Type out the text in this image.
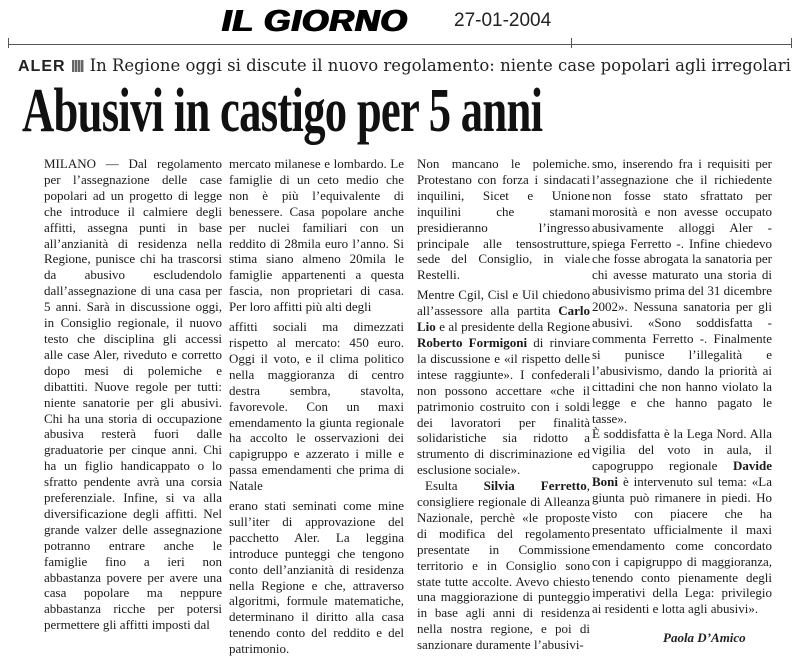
IL GIORNO 27-01-2004
ALER In Regione oggi si discute il nuovo regolamento: niente case popolari agli irregolari
Abusivi in castigo per 5 anni

MILANO — Dal regolamento per l’assegnazione delle case popolari ad un progetto di legge che introduce il calmiere degli affitti, assegna punti in base all’anzianità di residenza nella Regione, punisce chi ha trascorsi da abusivo escludendolo dall’assegnazione di una casa per 5 anni. Sarà in discussione oggi, in Consiglio regionale, il nuovo testo che disciplina gli accessi alle case Aler, riveduto e corretto dopo mesi di polemiche e dibattiti. Nuove regole per tutti: niente sanatorie per gli abusivi. Chi ha una storia di occupazione abusiva resterà fuori dalle graduatorie per cinque anni. Chi ha un figlio handicappato o lo sfratto pendente avrà una corsia preferenziale. Infine, si va alla diversificazione degli affitti. Nel grande valzer delle assegnazione potranno entrare anche le famiglie fino a ieri non abbastanza povere per avere una casa popolare ma neppure abbastanza ricche per potersi permettere gli affitti imposti dal

mercato milanese e lombardo. Le famiglie di un ceto medio che non è più l’equivalente di benessere. Casa popolare anche per nuclei familiari con un reddito di 28mila euro l’anno. Si stima siano almeno 20mila le famiglie appartenenti a questa fascia, non proprietari di casa. Per loro affitti più alti degli

affitti sociali ma dimezzati rispetto al mercato: 450 euro. Oggi il voto, e il clima politico nella maggioranza di centro destra sembra, stavolta, favorevole. Con un maxi emendamento la giunta regionale ha accolto le osservazioni dei capigruppo e azzerato i mille e passa emendamenti che prima di Natale

erano stati seminati come mine sull’iter di approvazione del pacchetto Aler. La leggina introduce punteggi che tengono conto dell’anzianità di residenza nella Regione e che, attraverso algoritmi, formule matematiche, determinano il diritto alla casa tenendo conto del reddito e del patrimonio.

Non mancano le polemiche. Protestano con forza i sindacati inquilini, Sicet e Unione inquilini che stamani presidieranno l’ingresso principale alle tensostrutture, sede del Consiglio, in viale Restelli.

Mentre Cgil, Cisl e Uil chiedono all’assessore alla partita Carlo Lio e al presidente della Regione Roberto Formigoni di rinviare la discussione e «il rispetto delle intese raggiunte». I confederali non possono accettare «che il patrimonio costruito con i soldi dei lavoratori per finalità solidaristiche sia ridotto a strumento di discriminazione ed esclusione sociale».

Esulta Silvia Ferretto, consigliere regionale di Alleanza Nazionale, perchè «le proposte di modifica del regolamento presentate in Commissione territorio e in Consiglio sono state tutte accolte. Avevo chiesto una maggiorazione di punteggio in base agli anni di residenza nella nostra regione, e poi di sanzionare duramente l’abusivi-

smo, inserendo fra i requisiti per l’assegnazione che il richiedente non fosse stato sfrattato per morosità e non avesse occupato abusivamente alloggi Aler - spiega Ferretto -. Infine chiedevo che fosse abrogata la sanatoria per chi avesse maturato una storia di abusivismo prima del 31 dicembre 2002». Nessuna sanatoria per gli abusivi. «Sono soddisfatta - commenta Ferretto -. Finalmente si punisce l’illegalità e l’abusivismo, dando la priorità ai cittadini che non hanno violato la legge e che hanno pagato le tasse».

È soddisfatta è la Lega Nord. Alla vigilia del voto in aula, il capogruppo regionale Davide Boni è intervenuto sul tema: «La giunta può rimanere in piedi. Ho visto con piacere che ha presentato ufficialmente il maxi emendamento come concordato con i capigruppo di maggioranza, tenendo conto pienamente degli imperativi della Lega: privilegio ai residenti e lotta agli abusivi».

Paola D’Amico
